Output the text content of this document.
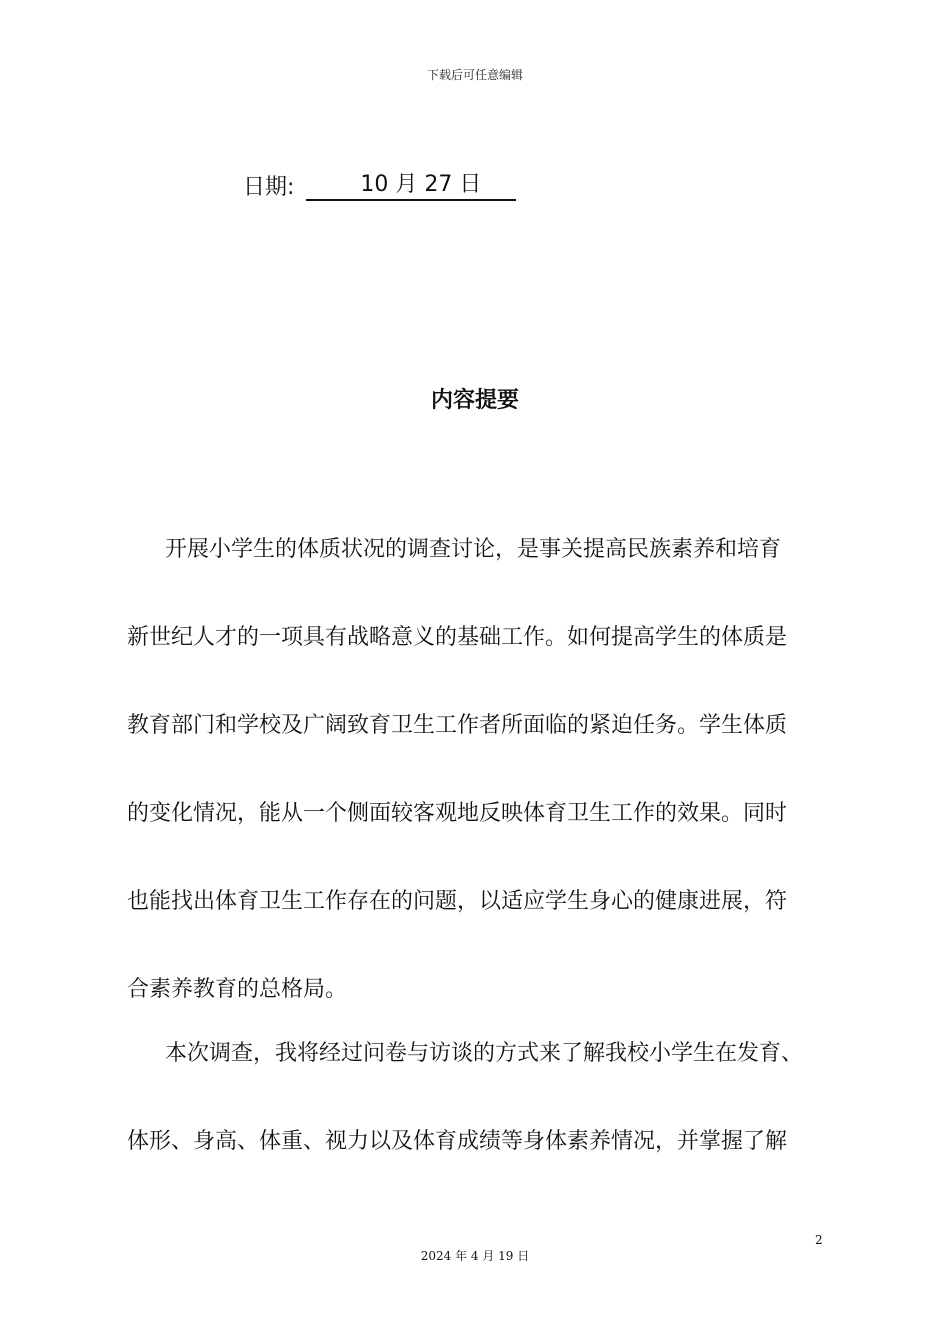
下载后可任意编辑
日期:	10 月 27 日
内容提要
开展小学生的体质状况的调查讨论，是事关提高民族素养和培育
新世纪人才的一项具有战略意义的基础工作。如何提高学生的体质是
教育部门和学校及广阔致育卫生工作者所面临的紧迫任务。学生体质
的变化情况，能从一个侧面较客观地反映体育卫生工作的效果。同时
也能找出体育卫生工作存在的问题，以适应学生身心的健康进展，符
合素养教育的总格局。
本次调查，我将经过问卷与访谈的方式来了解我校小学生在发育、
体形、身高、体重、视力以及体育成绩等身体素养情况，并掌握了解
2
2024 年 4 月 19 日
